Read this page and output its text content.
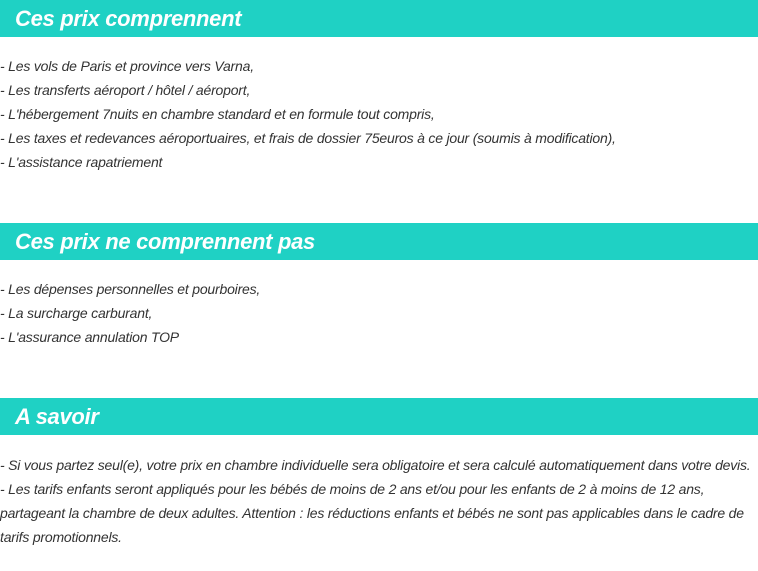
Ces prix comprennent
- Les vols de Paris et province vers Varna,
- Les transferts aéroport / hôtel / aéroport,
- L'hébergement 7nuits en chambre standard et en formule tout compris,
- Les taxes et redevances aéroportuaires, et frais de dossier 75euros à ce jour (soumis à modification),
- L'assistance rapatriement
Ces prix ne comprennent pas
- Les dépenses personnelles et pourboires,
- La surcharge carburant,
- L'assurance annulation TOP
A savoir
- Si vous partez seul(e), votre prix en chambre individuelle sera obligatoire et sera calculé automatiquement dans votre devis.
- Les tarifs enfants seront appliqués pour les bébés de moins de 2 ans et/ou pour les enfants de 2 à moins de 12 ans, partageant la chambre de deux adultes. Attention : les réductions enfants et bébés ne sont pas applicables dans le cadre de tarifs promotionnels.
